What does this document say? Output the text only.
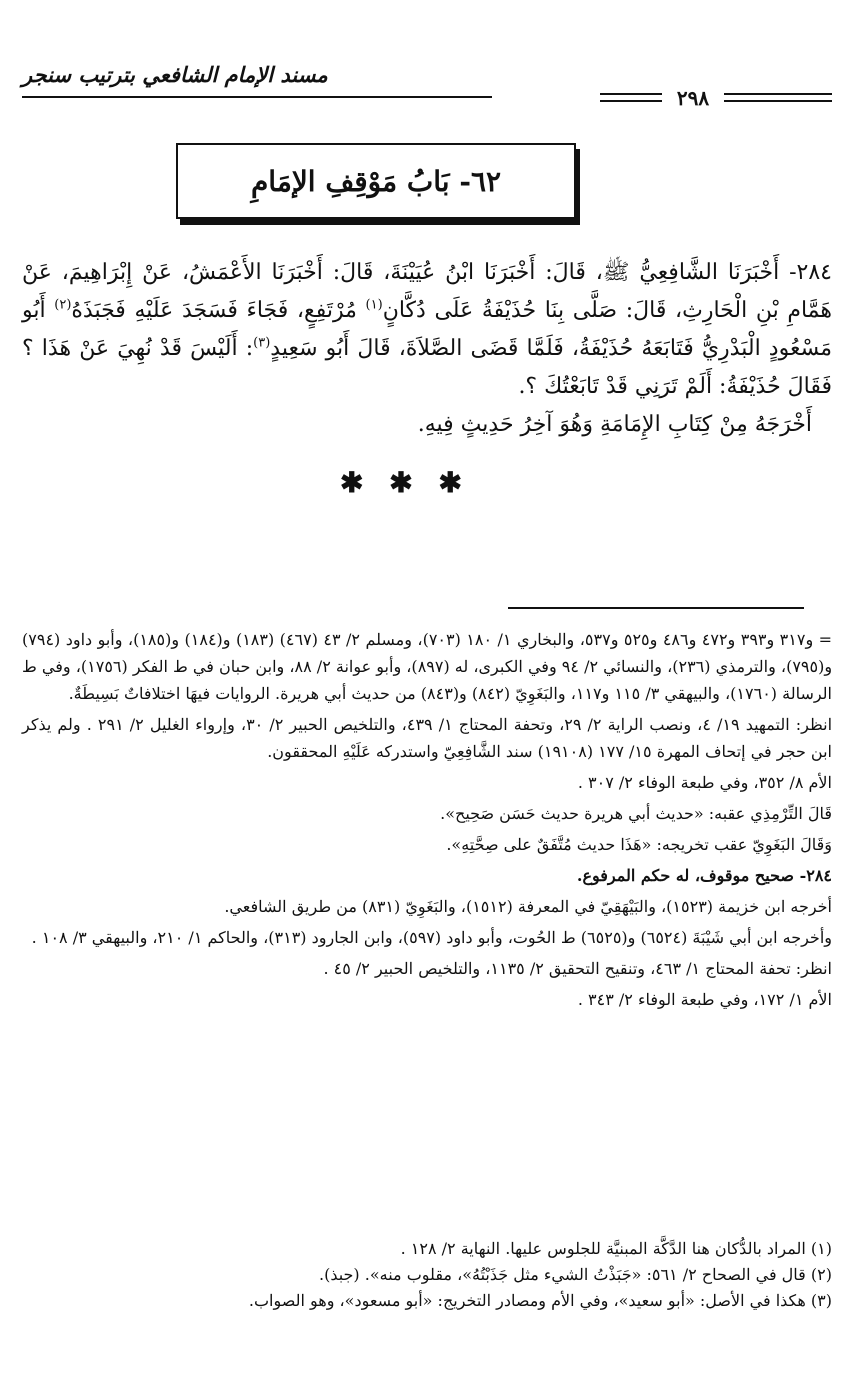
مسند الإمام الشافعي بترتيب سنجر
٢٩٨
٦٢- بَابُ مَوْقِفِ الإمَامِ

٢٨٤- أَخْبَرَنَا الشَّافِعِيُّ ﷺ، قَالَ: أَخْبَرَنَا ابْنُ عُيَيْنَةَ، قَالَ: أَخْبَرَنَا الأَعْمَشُ، عَنْ إِبْرَاهِيمَ، عَنْ هَمَّامِ بْنِ الْحَارِثِ، قَالَ: صَلَّى بِنَا حُذَيْفَةُ عَلَى دُكَّانٍ$^{(١)}$ مُرْتَفِعٍ، فَجَاءَ فَسَجَدَ عَلَيْهِ فَجَبَذَهُ$^{(٢)}$ أَبُو مَسْعُودٍ الْبَدْرِيُّ فَتَابَعَهُ حُذَيْفَةُ، فَلَمَّا قَضَى الصَّلاَةَ، قَالَ أَبُو سَعِيدٍ$^{(٣)}$: أَلَيْسَ قَدْ نُهِيَ عَنْ هَذَا ؟ فَقَالَ حُذَيْفَةُ: أَلَمْ تَرَنِي قَدْ تَابَعْتُكَ ؟.

أَخْرَجَهُ مِنْ كِتَابِ الإِمَامَةِ وَهُوَ آخِرُ حَدِيثٍ فِيهِ.

✱ ✱ ✱

= و٣١٧ و٣٩٣ و٤٧٢ و٤٨٦ و٥٢٥ و٥٣٧، والبخاري ١/ ١٨٠ (٧٠٣)، ومسلم ٢/ ٤٣ (٤٦٧) (١٨٣) و(١٨٤) و(١٨٥)، وأبو داود (٧٩٤) و(٧٩٥)، والترمذي (٢٣٦)، والنسائي ٢/ ٩٤ وفي الكبرى، له (٨٩٧)، وأبو عوانة ٢/ ٨٨، وابن حبان في ط الفكر (١٧٥٦)، وفي ط الرسالة (١٧٦٠)، والبيهقي ٣/ ١١٥ و١١٧، والبَغَوِيّ (٨٤٢) و(٨٤٣) من حديث أبي هريرة. الروايات فيهَا اختلافاتٌ بَسِيطَةٌ.

انظر: التمهيد ١٩/ ٤، ونصب الراية ٢/ ٢٩، وتحفة المحتاج ١/ ٤٣٩، والتلخيص الحبير ٢/ ٣٠، وإرواء الغليل ٢/ ٢٩١ . ولم يذكر ابن حجر في إتحاف المهرة ١٥/ ١٧٧ (١٩١٠٨) سند الشَّافِعِيّ واستدركه عَلَيْهِ المحققون.

الأم ٨/ ٣٥٢، وفي طبعة الوفاء ٢/ ٣٠٧ .

قَالَ التِّرْمِذِي عقبه: «حديث أبي هريرة حديث حَسَن صَحِيح».

وَقَالَ البَغَوِيّ عقب تخريجه: «هَذَا حديث مُتَّفَقٌ على صِحَّتِهِ».

٢٨٤- صحيح موقوف، له حكم المرفوع.

أخرجه ابن خزيمة (١٥٢٣)، والبَيْهَقِيّ في المعرفة (١٥١٢)، والبَغَوِيّ (٨٣١) من طريق الشافعي.

وأخرجه ابن أبي شَيْبَةَ (٦٥٢٤) و(٦٥٢٥) ط الحُوت، وأبو داود (٥٩٧)، وابن الجارود (٣١٣)، والحاكم ١/ ٢١٠، والبيهقي ٣/ ١٠٨ .

انظر: تحفة المحتاج ١/ ٤٦٣، وتنقيح التحقيق ٢/ ١١٣٥، والتلخيص الحبير ٢/ ٤٥ .

الأم ١/ ١٧٢، وفي طبعة الوفاء ٢/ ٣٤٣ .

(١) المراد بالدُّكان هنا الدَّكَّة المبنيَّة للجلوس عليها. النهاية ٢/ ١٢٨ .

(٢) قال في الصحاح ٢/ ٥٦١: «جَبَذْتُ الشيء مثل جَذَبْتُهُ»، مقلوب منه». (جبذ).

(٣) هكذا في الأصل: «أبو سعيد»، وفي الأم ومصادر التخريج: «أبو مسعود»، وهو الصواب.
